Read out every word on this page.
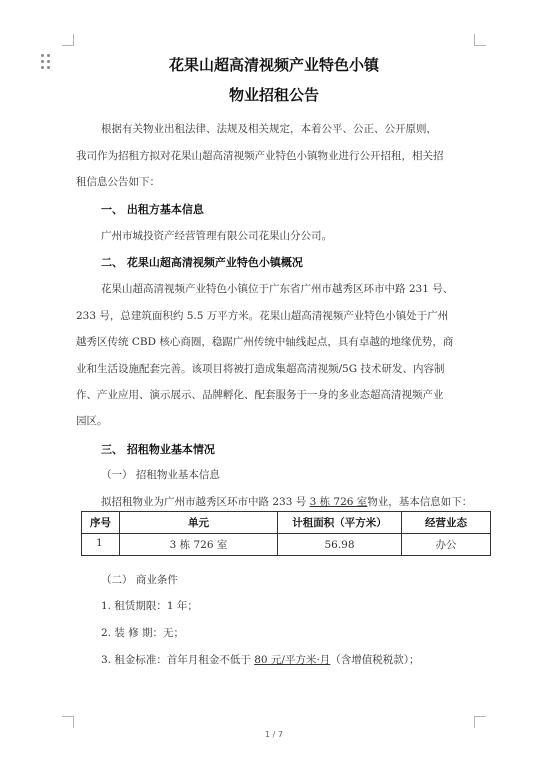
花果山超高清视频产业特色小镇
物业招租公告
根据有关物业出租法律、法规及相关规定，本着公平、公正、公开原则，
我司作为招租方拟对花果山超高清视频产业特色小镇物业进行公开招租，相关招
租信息公告如下：
一、 出租方基本信息
广州市城投资产经营管理有限公司花果山分公司。
二、 花果山超高清视频产业特色小镇概况
花果山超高清视频产业特色小镇位于广东省广州市越秀区环市中路 231 号、
233 号，总建筑面积约 5.5 万平方米。花果山超高清视频产业特色小镇处于广州
越秀区传统 CBD 核心商圈，稳踞广州传统中轴线起点，具有卓越的地缘优势，商
业和生活设施配套完善。该项目将被打造成集超高清视频/5G 技术研发、内容制
作、产业应用、演示展示、品牌孵化、配套服务于一身的多业态超高清视频产业
园区。
三、 招租物业基本情况
（一） 招租物业基本信息
拟招租物业为广州市越秀区环市中路 233 号 3 栋 726 室物业，基本信息如下：
序号	单元	计租面积（平方米）	经营业态
1	3 栋 726 室	56.98	办公
（二） 商业条件
1. 租赁期限：1 年；
2. 装 修 期：无；
3. 租金标准：首年月租金不低于 80 元/平方米·月（含增值税税款）；
1 / 7
